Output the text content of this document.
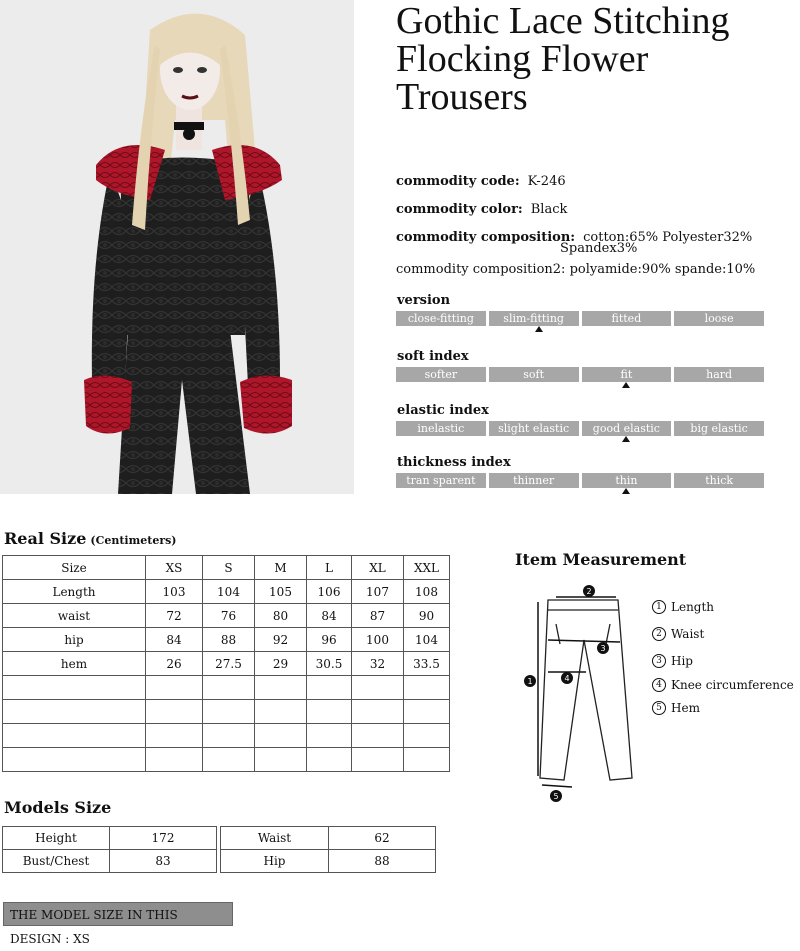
Gothic Lace Stitching
Flocking Flower
Trousers
commodity code: K-246
commodity color: Black
commodity composition: cotton:65% Polyester32%
Spandex3%
commodity composition2: polyamide:90% spande:10%
version
close-fitting	slim-fitting	fitted	loose
soft index
softer	soft	fit	hard
elastic index
inelastic	slight elastic	good elastic	big elastic
thickness index
tran sparent	thinner	thin	thick
Real Size (Centimeters)
Size	XS	S	M	L	XL	XXL
Length	103	104	105	106	107	108
waist	72	76	80	84	87	90
hip	84	88	92	96	100	104
hem	26	27.5	29	30.5	32	33.5

Item Measurement
2
3
4
1
5
1 Length
2 Waist
3 Hip
4 Knee circumference
5 Hem
Models Size
Height	172
Bust/Chest	83
Waist	62
Hip	88
THE MODEL SIZE IN THIS DESIGN : XS
